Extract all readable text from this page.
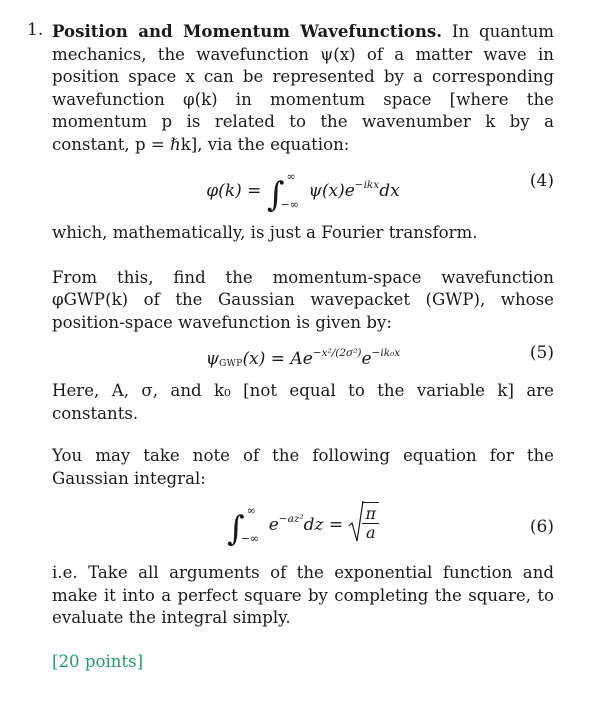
1. Position and Momentum Wavefunctions. In quantum mechanics, the wavefunction ψ(x) of a matter wave in position space x can be represented by a corresponding wavefunction φ(k) in momentum space [where the momentum p is related to the wavenumber k by a constant, p = ℏk], via the equation:

φ(k) = ∫ ∞
−∞
$\psi(x)e^{-ikx}dx$	(4)

which, mathematically, is just a Fourier transform.

From this, find the momentum-space wavefunction φGWP(k) of the Gaussian wavepacket (GWP), whose position-space wavefunction is given by:

$\psi_{GWP}(x) = Ae^{-x^2/(2\sigma^2)}e^{-ik_0x}$	(5)

Here, A, σ, and k₀ [not equal to the variable k] are constants.

You may take note of the following equation for the Gaussian integral:

∫ ∞
−∞
$e^{-az^2}dz = \frac{\pi}{a}$	(6)

i.e. Take all arguments of the exponential function and make it into a perfect square by completing the square, to evaluate the integral simply.

[20 points]
